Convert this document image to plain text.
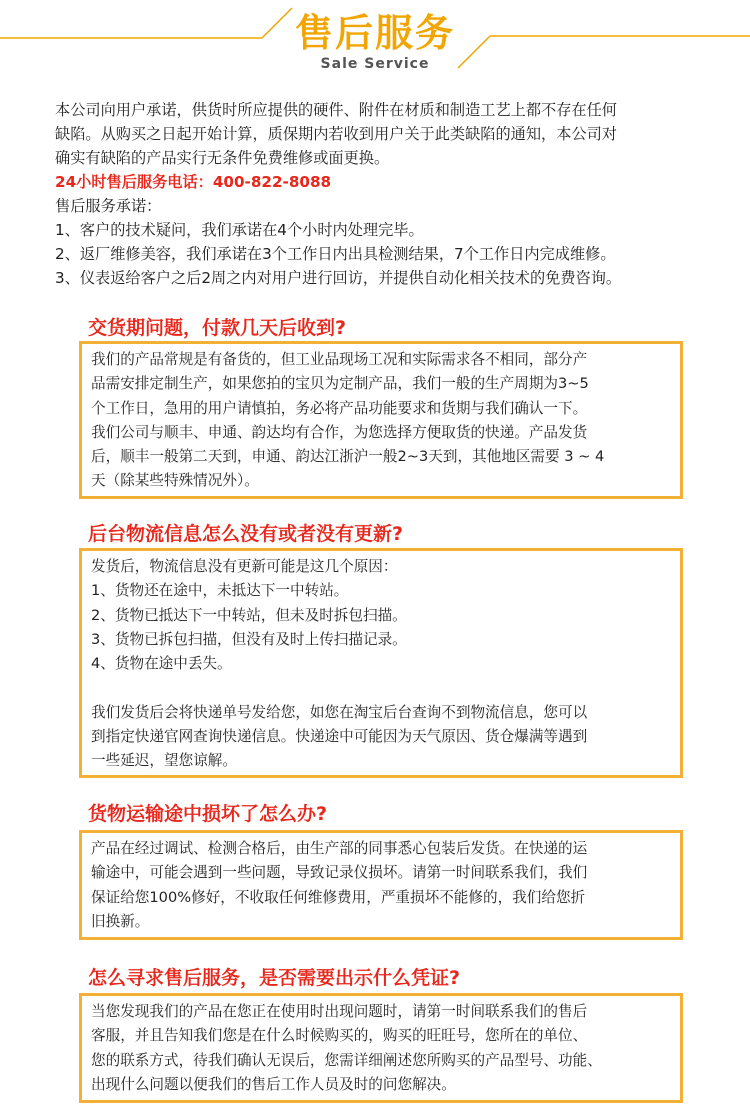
售后服务
Sale Service

本公司向用户承诺，供货时所应提供的硬件、附件在材质和制造工艺上都不存在任何

缺陷。从购买之日起开始计算，质保期内若收到用户关于此类缺陷的通知，本公司对

确实有缺陷的产品实行无条件免费维修或面更换。

24小时售后服务电话：400-822-8088

售后服务承诺：

1、客户的技术疑问，我们承诺在4个小时内处理完毕。

2、返厂维修美容，我们承诺在3个工作日内出具检测结果，7个工作日内完成维修。

3、仪表返给客户之后2周之内对用户进行回访，并提供自动化相关技术的免费咨询。

交货期问题，付款几天后收到?

我们的产品常规是有备货的，但工业品现场工况和实际需求各不相同，部分产

品需安排定制生产，如果您拍的宝贝为定制产品，我们一般的生产周期为3~5

个工作日，急用的用户请慎拍，务必将产品功能要求和货期与我们确认一下。

我们公司与顺丰、申通、韵达均有合作，为您选择方便取货的快递。产品发货

后，顺丰一般第二天到，申通、韵达江浙沪一般2~3天到，其他地区需要 3 ~ 4

天（除某些特殊情况外）。

后台物流信息怎么没有或者没有更新?

发货后，物流信息没有更新可能是这几个原因：

1、货物还在途中，未抵达下一中转站。

2、货物已抵达下一中转站，但未及时拆包扫描。

3、货物已拆包扫描，但没有及时上传扫描记录。

4、货物在途中丢失。

我们发货后会将快递单号发给您，如您在淘宝后台查询不到物流信息，您可以

到指定快递官网查询快递信息。快递途中可能因为天气原因、货仓爆满等遇到

一些延迟，望您谅解。

货物运输途中损坏了怎么办?

产品在经过调试、检测合格后，由生产部的同事悉心包装后发货。在快递的运

输途中，可能会遇到一些问题，导致记录仪损坏。请第一时间联系我们，我们

保证给您100%修好，不收取任何维修费用，严重损坏不能修的，我们给您折

旧换新。

怎么寻求售后服务，是否需要出示什么凭证?

当您发现我们的产品在您正在使用时出现问题时，请第一时间联系我们的售后

客服，并且告知我们您是在什么时候购买的，购买的旺旺号，您所在的单位、

您的联系方式，待我们确认无误后，您需详细阐述您所购买的产品型号、功能、

出现什么问题以便我们的售后工作人员及时的问您解决。
